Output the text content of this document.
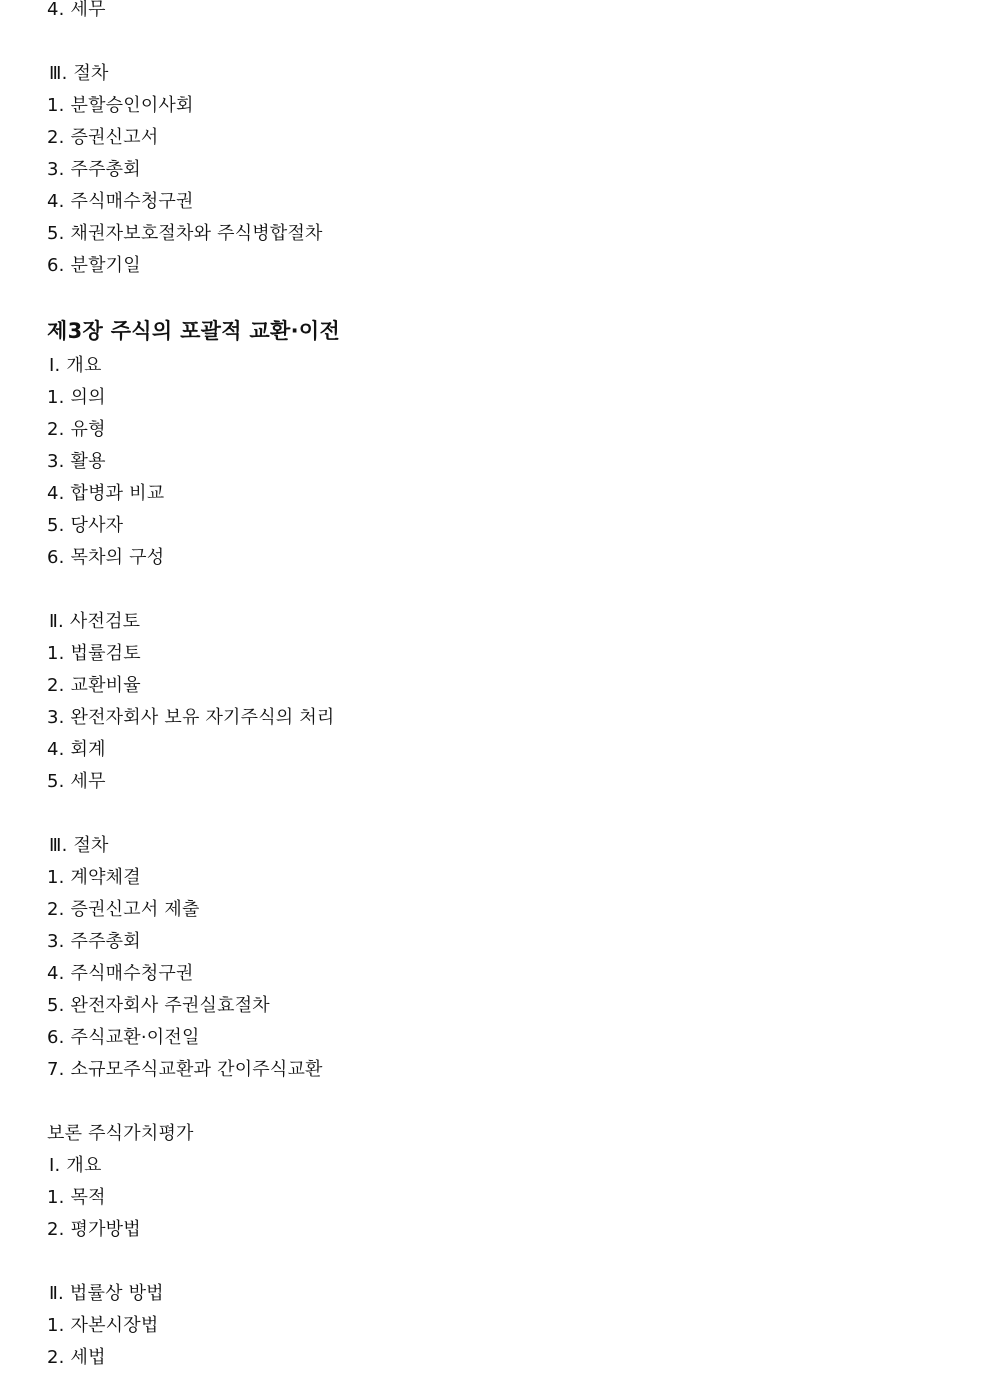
4. 세무
Ⅲ. 절차
1. 분할승인이사회
2. 증권신고서
3. 주주총회
4. 주식매수청구권
5. 채권자보호절차와 주식병합절차
6. 분할기일
제3장 주식의 포괄적 교환·이전
Ⅰ. 개요
1. 의의
2. 유형
3. 활용
4. 합병과 비교
5. 당사자
6. 목차의 구성
Ⅱ. 사전검토
1. 법률검토
2. 교환비율
3. 완전자회사 보유 자기주식의 처리
4. 회계
5. 세무
Ⅲ. 절차
1. 계약체결
2. 증권신고서 제출
3. 주주총회
4. 주식매수청구권
5. 완전자회사 주권실효절차
6. 주식교환·이전일
7. 소규모주식교환과 간이주식교환
보론 주식가치평가
Ⅰ. 개요
1. 목적
2. 평가방법
Ⅱ. 법률상 방법
1. 자본시장법
2. 세법
